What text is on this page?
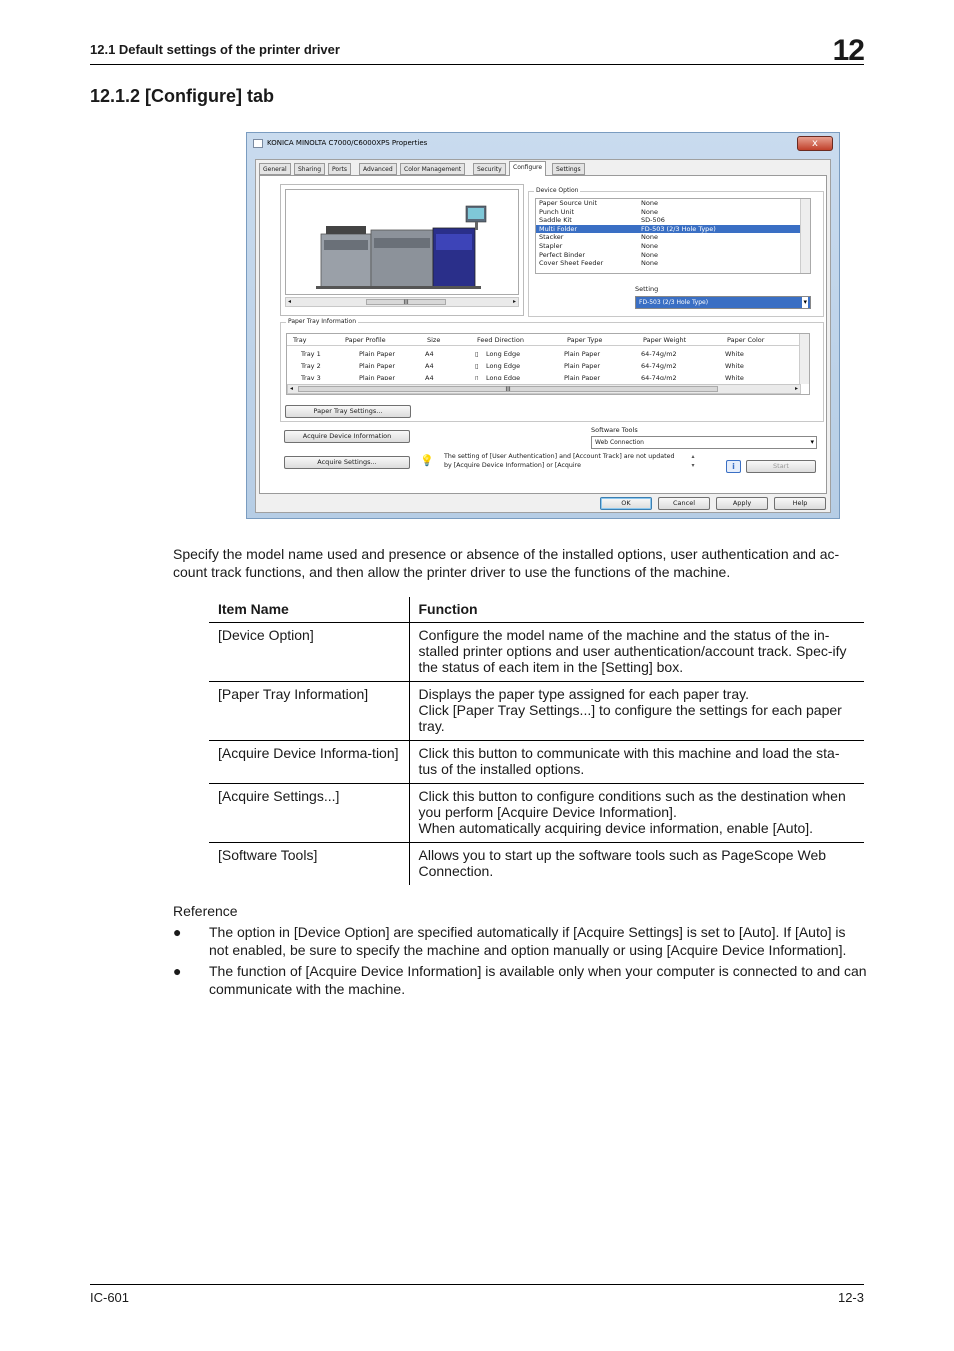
12.1 Default settings of the printer driver	12
12.1.2 [Configure] tab
KONICA MINOLTA C7000/C6000XPS Properties	x
General	Sharing	Ports	Advanced	Color Management	Security	Configure	Settings
◂	III	▸
Device Option
Paper Source Unit	None
Punch Unit	None
Saddle Kit	SD-506
Multi Folder	FD-503 (2/3 Hole Type)
Stacker	None
Stapler	None
Perfect Binder	None
Cover Sheet Feeder	None
Setting
FD-503 (2/3 Hole Type)	▾
Paper Tray Information
Tray	Paper Profile	Size	Feed Direction	Paper Type	Paper Weight	Paper Color
Tray 1	Plain Paper	A4	▯ Long Edge	Plain Paper	64-74g/m2	White
Tray 2	Plain Paper	A4	▯ Long Edge	Plain Paper	64-74g/m2	White
Tray 3	Plain Paper	A4	▯ Long Edge	Plain Paper	64-74g/m2	White
◂	III	▸
Paper Tray Settings...
Acquire Device Information
Acquire Settings...
Software Tools
Web Connection	▾
💡 The setting of [User Authentication] and [Account Track] are not updated by [Acquire Device Information] or [Acquire
▴
▾	i	Start
OK	Cancel	Apply	Help
Specify the model name used and presence or absence of the installed options, user authentication and ac-count track functions, and then allow the printer driver to use the functions of the machine.
Item Name	Function
[Device Option]	Configure the model name of the machine and the status of the in-stalled printer options and user authentication/account track. Spec-ify the status of each item in the [Setting] box.
[Paper Tray Information]	Displays the paper type assigned for each paper tray.
Click [Paper Tray Settings...] to configure the settings for each paper tray.

[Acquire Device Informa-tion]	Click this button to communicate with this machine and load the sta-tus of the installed options.
[Acquire Settings...]	Click this button to configure conditions such as the destination when you perform [Acquire Device Information].
When automatically acquiring device information, enable [Auto].

[Software Tools]	Allows you to start up the software tools such as PageScope Web Connection.
Reference
● The option in [Device Option] are specified automatically if [Acquire Settings] is set to [Auto]. If [Auto] is not enabled, be sure to specify the machine and option manually or using [Acquire Device Information].
● The function of [Acquire Device Information] is available only when your computer is connected to and can communicate with the machine.
IC-601	12-3
